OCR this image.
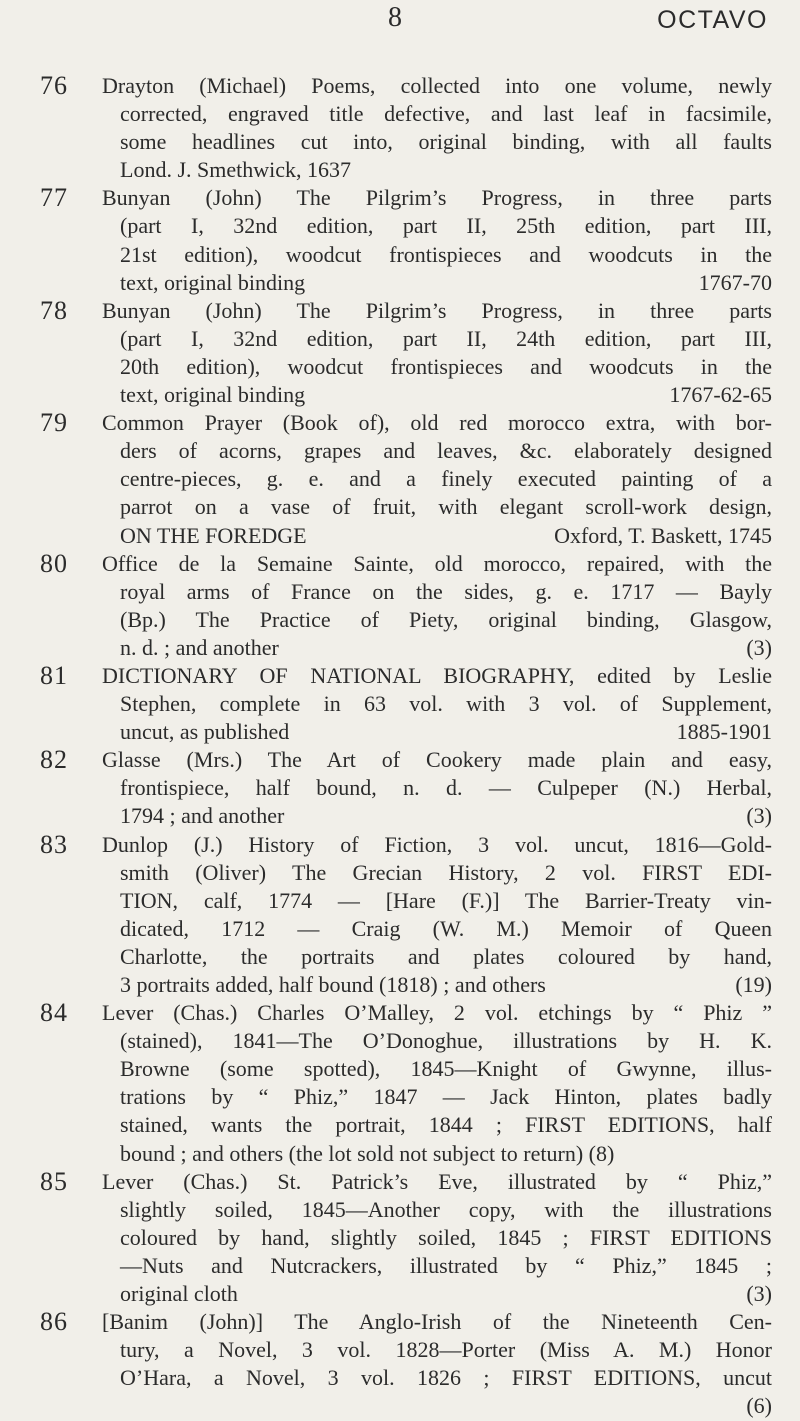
8	OCTAVO
76 Drayton (Michael) Poems, collected into one volume, newly
corrected, engraved title defective, and last leaf in facsimile,
some headlines cut into, original binding, with all faults
Lond. J. Smethwick, 1637
77 Bunyan (John) The Pilgrim’s Progress, in three parts
(part I, 32nd edition, part II, 25th edition, part III,
21st edition), woodcut frontispieces and woodcuts in the
text, original binding	1767-70
78 Bunyan (John) The Pilgrim’s Progress, in three parts
(part I, 32nd edition, part II, 24th edition, part III,
20th edition), woodcut frontispieces and woodcuts in the
text, original binding	1767-62-65
79 Common Prayer (Book of), old red morocco extra, with bor-
ders of acorns, grapes and leaves, &c. elaborately designed
centre-pieces, g. e. and a finely executed painting of a
parrot on a vase of fruit, with elegant scroll-work design,
ON THE FOREDGE	Oxford, T. Baskett, 1745
80 Office de la Semaine Sainte, old morocco, repaired, with the
royal arms of France on the sides, g. e. 1717 — Bayly
(Bp.) The Practice of Piety, original binding, Glasgow,
n. d. ; and another	(3)
81 DICTIONARY OF NATIONAL BIOGRAPHY, edited by Leslie
Stephen, complete in 63 vol. with 3 vol. of Supplement,
uncut, as published	1885-1901
82 Glasse (Mrs.) The Art of Cookery made plain and easy,
frontispiece, half bound, n. d. — Culpeper (N.) Herbal,
1794 ; and another	(3)
83 Dunlop (J.) History of Fiction, 3 vol. uncut, 1816—Gold-
smith (Oliver) The Grecian History, 2 vol. FIRST EDI-
TION, calf, 1774 — [Hare (F.)] The Barrier-Treaty vin-
dicated, 1712 — Craig (W. M.) Memoir of Queen
Charlotte, the portraits and plates coloured by hand,
3 portraits added, half bound (1818) ; and others	(19)
84 Lever (Chas.) Charles O’Malley, 2 vol. etchings by “ Phiz ”
(stained), 1841—The O’Donoghue, illustrations by H. K.
Browne (some spotted), 1845—Knight of Gwynne, illus-
trations by “ Phiz,” 1847 — Jack Hinton, plates badly
stained, wants the portrait, 1844 ; FIRST EDITIONS, half
bound ; and others (the lot sold not subject to return) (8)
85 Lever (Chas.) St. Patrick’s Eve, illustrated by “ Phiz,”
slightly soiled, 1845—Another copy, with the illustrations
coloured by hand, slightly soiled, 1845 ; FIRST EDITIONS
—Nuts and Nutcrackers, illustrated by “ Phiz,” 1845 ;
original cloth	(3)
86 [Banim (John)] The Anglo-Irish of the Nineteenth Cen-
tury, a Novel, 3 vol. 1828—Porter (Miss A. M.) Honor
O’Hara, a Novel, 3 vol. 1826 ; FIRST EDITIONS, uncut
(6)
